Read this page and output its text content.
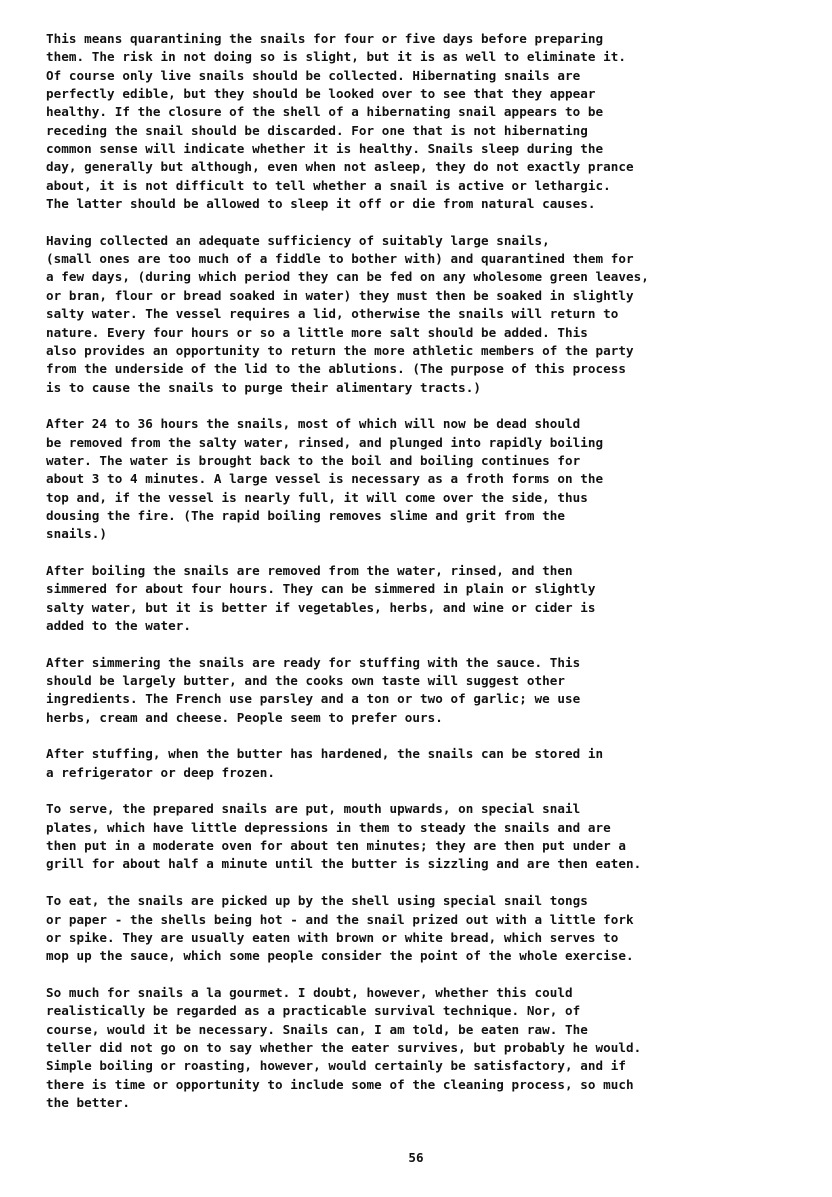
This means quarantining the snails for four or five days before preparing
them. The risk in not doing so is slight, but it is as well to eliminate it.
Of course only live snails should be collected. Hibernating snails are
perfectly edible, but they should be looked over to see that they appear
healthy. If the closure of the shell of a hibernating snail appears to be
receding the snail should be discarded. For one that is not hibernating
common sense will indicate whether it is healthy. Snails sleep during the
day, generally but although, even when not asleep, they do not exactly prance
about, it is not difficult to tell whether a snail is active or lethargic.
The latter should be allowed to sleep it off or die from natural causes.

Having collected an adequate sufficiency of suitably large snails,
(small ones are too much of a fiddle to bother with) and quarantined them for
a few days, (during which period they can be fed on any wholesome green leaves,
or bran, flour or bread soaked in water) they must then be soaked in slightly
salty water. The vessel requires a lid, otherwise the snails will return to
nature. Every four hours or so a little more salt should be added. This
also provides an opportunity to return the more athletic members of the party
from the underside of the lid to the ablutions. (The purpose of this process
is to cause the snails to purge their alimentary tracts.)

After 24 to 36 hours the snails, most of which will now be dead should
be removed from the salty water, rinsed, and plunged into rapidly boiling
water. The water is brought back to the boil and boiling continues for
about 3 to 4 minutes. A large vessel is necessary as a froth forms on the
top and, if the vessel is nearly full, it will come over the side, thus
dousing the fire. (The rapid boiling removes slime and grit from the
snails.)

After boiling the snails are removed from the water, rinsed, and then
simmered for about four hours. They can be simmered in plain or slightly
salty water, but it is better if vegetables, herbs, and wine or cider is
added to the water.

After simmering the snails are ready for stuffing with the sauce. This
should be largely butter, and the cooks own taste will suggest other
ingredients. The French use parsley and a ton or two of garlic; we use
herbs, cream and cheese. People seem to prefer ours.

After stuffing, when the butter has hardened, the snails can be stored in
a refrigerator or deep frozen.

To serve, the prepared snails are put, mouth upwards, on special snail
plates, which have little depressions in them to steady the snails and are
then put in a moderate oven for about ten minutes; they are then put under a
grill for about half a minute until the butter is sizzling and are then eaten.

To eat, the snails are picked up by the shell using special snail tongs
or paper - the shells being hot - and the snail prized out with a little fork
or spike. They are usually eaten with brown or white bread, which serves to
mop up the sauce, which some people consider the point of the whole exercise.

So much for snails a la gourmet. I doubt, however, whether this could
realistically be regarded as a practicable survival technique. Nor, of
course, would it be necessary. Snails can, I am told, be eaten raw. The
teller did not go on to say whether the eater survives, but probably he would.
Simple boiling or roasting, however, would certainly be satisfactory, and if
there is time or opportunity to include some of the cleaning process, so much
the better.

56
